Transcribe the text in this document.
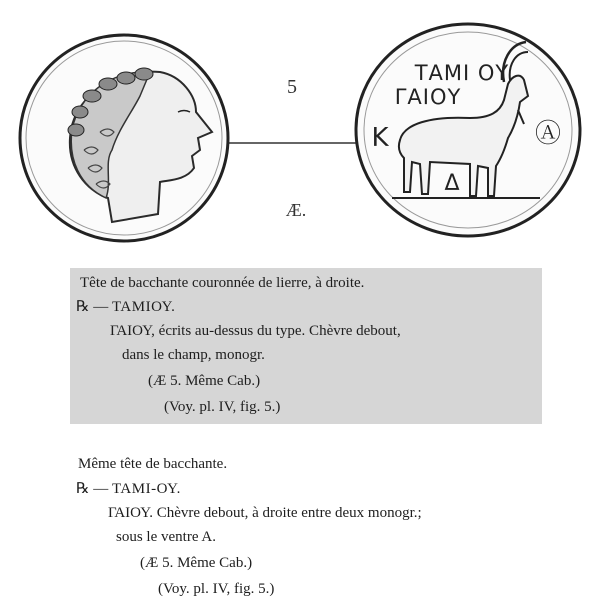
5
Æ.
ΤΑΜΙ ΟΥ
ΓΑΙΟΥ
Κ	Ⓐ
Δ
Tête de bacchante couronnée de lierre, à droite.
℞ — ΤΑΜΙΟΥ.
ΓΑΙΟΥ, écrits au-dessus du type. Chèvre debout,
dans le champ, monogr.
(Æ 5. Même Cab.)
(Voy. pl. IV, fig. 5.)
Même tête de bacchante.
℞ — ΤΑΜΙ-ΟΥ.
ΓΑΙΟΥ. Chèvre debout, à droite entre deux monogr.;
sous le ventre A.
(Æ 5. Même Cab.)
(Voy. pl. IV, fig. 5.)
